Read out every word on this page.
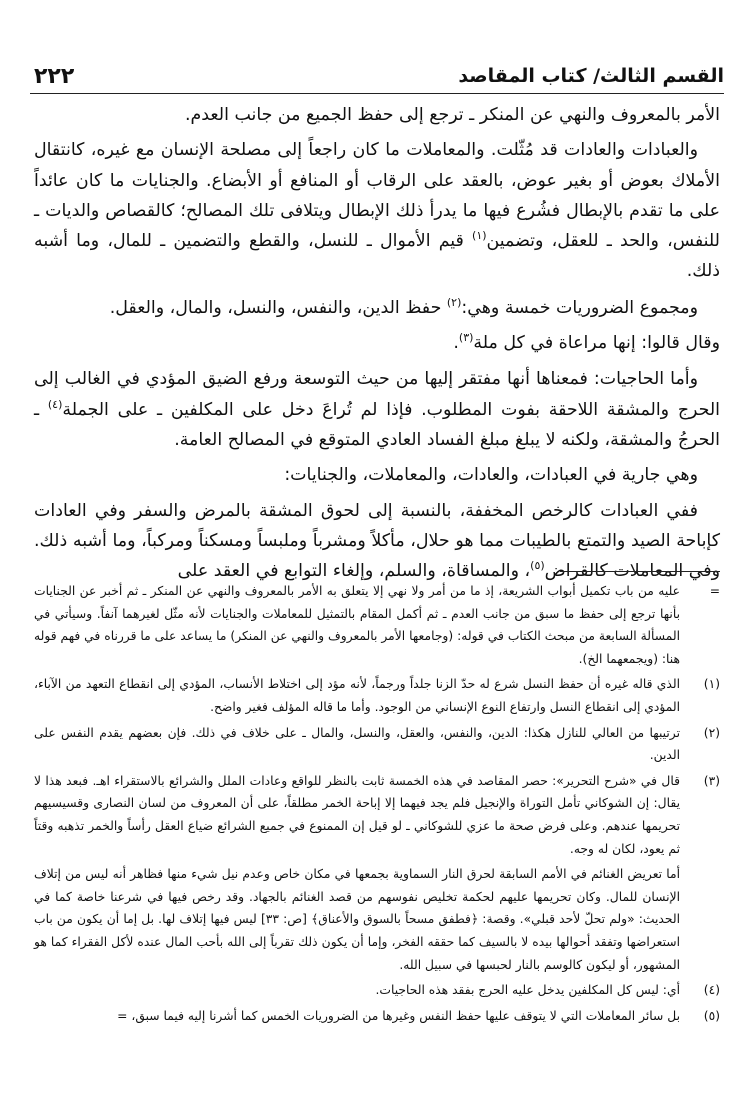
٢٢٢	القسم الثالث/ كتاب المقاصد

الأمر بالمعروف والنهي عن المنكر ـ ترجع إلى حفظ الجميع من جانب العدم.

والعبادات والعادات قد مُثّلت. والمعاملات ما كان راجعاً إلى مصلحة الإنسان مع غيره، كانتقال الأملاك بعوض أو بغير عوض، بالعقد على الرقاب أو المنافع أو الأبضاع. والجنايات ما كان عائداً على ما تقدم بالإبطال فشُرع فيها ما يدرأ ذلك الإبطال ويتلافى تلك المصالح؛ كالقصاص والديات ـ للنفس، والحد ـ للعقل، وتضمين$^{(١)}$ قيم الأموال ـ للنسل، والقطع والتضمين ـ للمال، وما أشبه ذلك.

ومجموع الضروريات خمسة وهي:$^{(٢)}$ حفظ الدين، والنفس، والنسل، والمال، والعقل.

وقال قالوا: إنها مراعاة في كل ملة$^{(٣)}$.

وأما الحاجيات: فمعناها أنها مفتقر إليها من حيث التوسعة ورفع الضيق المؤدي في الغالب إلى الحرج والمشقة اللاحقة بفوت المطلوب. فإذا لم تُراعَ دخل على المكلفين ـ على الجملة$^{(٤)}$ ـ الحرجُ والمشقة، ولكنه لا يبلغ مبلغ الفساد العادي المتوقع في المصالح العامة.

وهي جارية في العبادات، والعادات، والمعاملات، والجنايات:

ففي العبادات كالرخص المخففة، بالنسبة إلى لحوق المشقة بالمرض والسفر وفي العادات كإباحة الصيد والتمتع بالطيبات مما هو حلال، مأكلاً ومشرباً وملبساً ومسكناً ومركباً، وما أشبه ذلك. وفي المعاملات كالقراض$^{(٥)}$، والمساقاة، والسلم، وإلغاء التوابع في العقد على

=
عليه من باب تكميل أبواب الشريعة، إذ ما من أمر ولا نهي إلا يتعلق به الأمر بالمعروف والنهي عن المنكر ـ ثم أخبر عن الجنايات بأنها ترجع إلى حفظ ما سبق من جانب العدم ـ ثم أكمل المقام بالتمثيل للمعاملات والجنايات لأنه مثّل لغيرهما آنفاً. وسيأتي في المسألة السابعة من مبحث الكتاب في قوله: (وجامعها الأمر بالمعروف والنهي عن المنكر) ما يساعد على ما قررناه في فهم قوله هنا: (ويجمعهما الخ).
(١)
الذي قاله غيره أن حفظ النسل شرع له حدّ الزنا جلداً ورجماً، لأنه مؤد إلى اختلاط الأنساب، المؤدي إلى انقطاع التعهد من الآباء، المؤدي إلى انقطاع النسل وارتفاع النوع الإنساني من الوجود. وأما ما قاله المؤلف فغير واضح.
(٢)
ترتيبها من العالي للنازل هكذا: الدين، والنفس، والعقل، والنسل، والمال ـ على خلاف في ذلك. فإن بعضهم يقدم النفس على الدين.
(٣)
قال في «شرح التحرير»: حصر المقاصد في هذه الخمسة ثابت بالنظر للواقع وعادات الملل والشرائع بالاستقراء اهـ. فبعد هذا لا يقال: إن الشوكاني تأمل التوراة والإنجيل فلم يجد فيهما إلا إباحة الخمر مطلقاً، على أن المعروف من لسان النصارى وقسيسيهم تحريمها عندهم. وعلى فرض صحة ما عزي للشوكاني ـ لو قيل إن الممنوع في جميع الشرائع ضياع العقل رأساً والخمر تذهبه وقتاً ثم يعود، لكان له وجه.
أما تعريض الغنائم في الأمم السابقة لحرق النار السماوية بجمعها في مكان خاص وعدم نيل شيء منها فظاهر أنه ليس من إتلاف الإنسان للمال. وكان تحريمها عليهم لحكمة تخليص نفوسهم من قصد الغنائم بالجهاد. وقد رخص فيها في شرعنا خاصة كما في الحديث: «ولم تحلّ لأحد قبلي». وقصة: ﴿فطفق مسحاً بالسوق والأعناق﴾ [ص: ٣٣] ليس فيها إتلاف لها. بل إما أن يكون من باب استعراضها وتفقد أحوالها بيده لا بالسيف كما حققه الفخر، وإما أن يكون ذلك تقرباً إلى الله بأحب المال عنده لأكل الفقراء كما هو المشهور، أو ليكون كالوسم بالنار لحبسها في سبيل الله.
(٤)
أي: ليس كل المكلفين يدخل عليه الحرج بفقد هذه الحاجيات.
(٥)
بل سائر المعاملات التي لا يتوقف عليها حفظ النفس وغيرها من الضروريات الخمس كما أشرنا إليه فيما سبق، =
